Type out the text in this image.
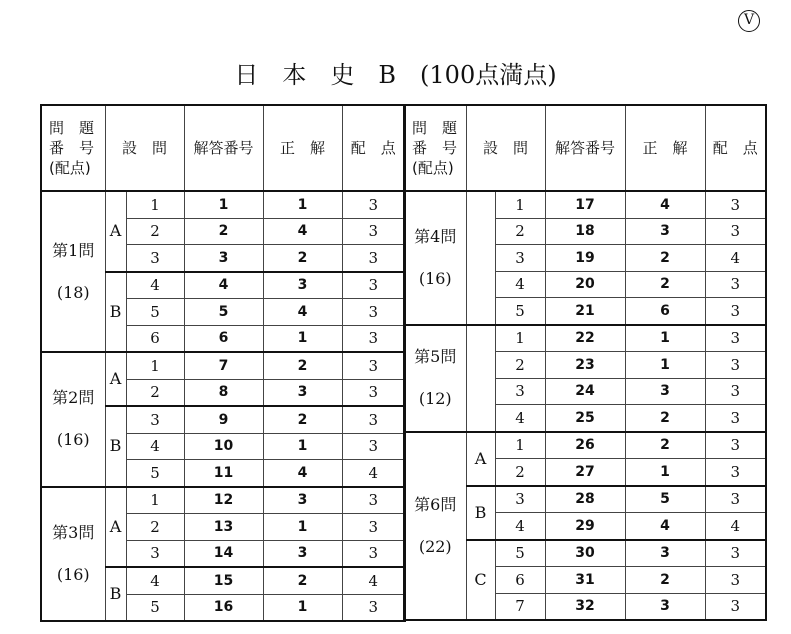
V
日　本　史　B　(100点満点)
問　題
番　号
(配点)	設　問		解答番号	正　解	配　点

第1問
(18)	A	1	1	1	3
		2	2	4	3
		3	3	2	3
	B	4	4	3	3
		5	5	4	3
		6	6	1	3

第2問
(16)	A	1	7	2	3
		2	8	3	3
	B	3	9	2	3
		4	10	1	3
		5	11	4	4

第3問
(16)	A	1	12	3	3
		2	13	1	3
		3	14	3	3
	B	4	15	2	4
		5	16	1	3
問　題
番　号
(配点)	設　問		解答番号	正　解	配　点

第4問
(16)		1	17	4	3
		2	18	3	3
		3	19	2	4
		4	20	2	3
		5	21	6	3

第5問
(12)		1	22	1	3
		2	23	1	3
		3	24	3	3
		4	25	2	3

第6問
(22)	A	1	26	2	3
		2	27	1	3
	B	3	28	5	3
		4	29	4	4
	C	5	30	3	3
		6	31	2	3
		7	32	3	3
